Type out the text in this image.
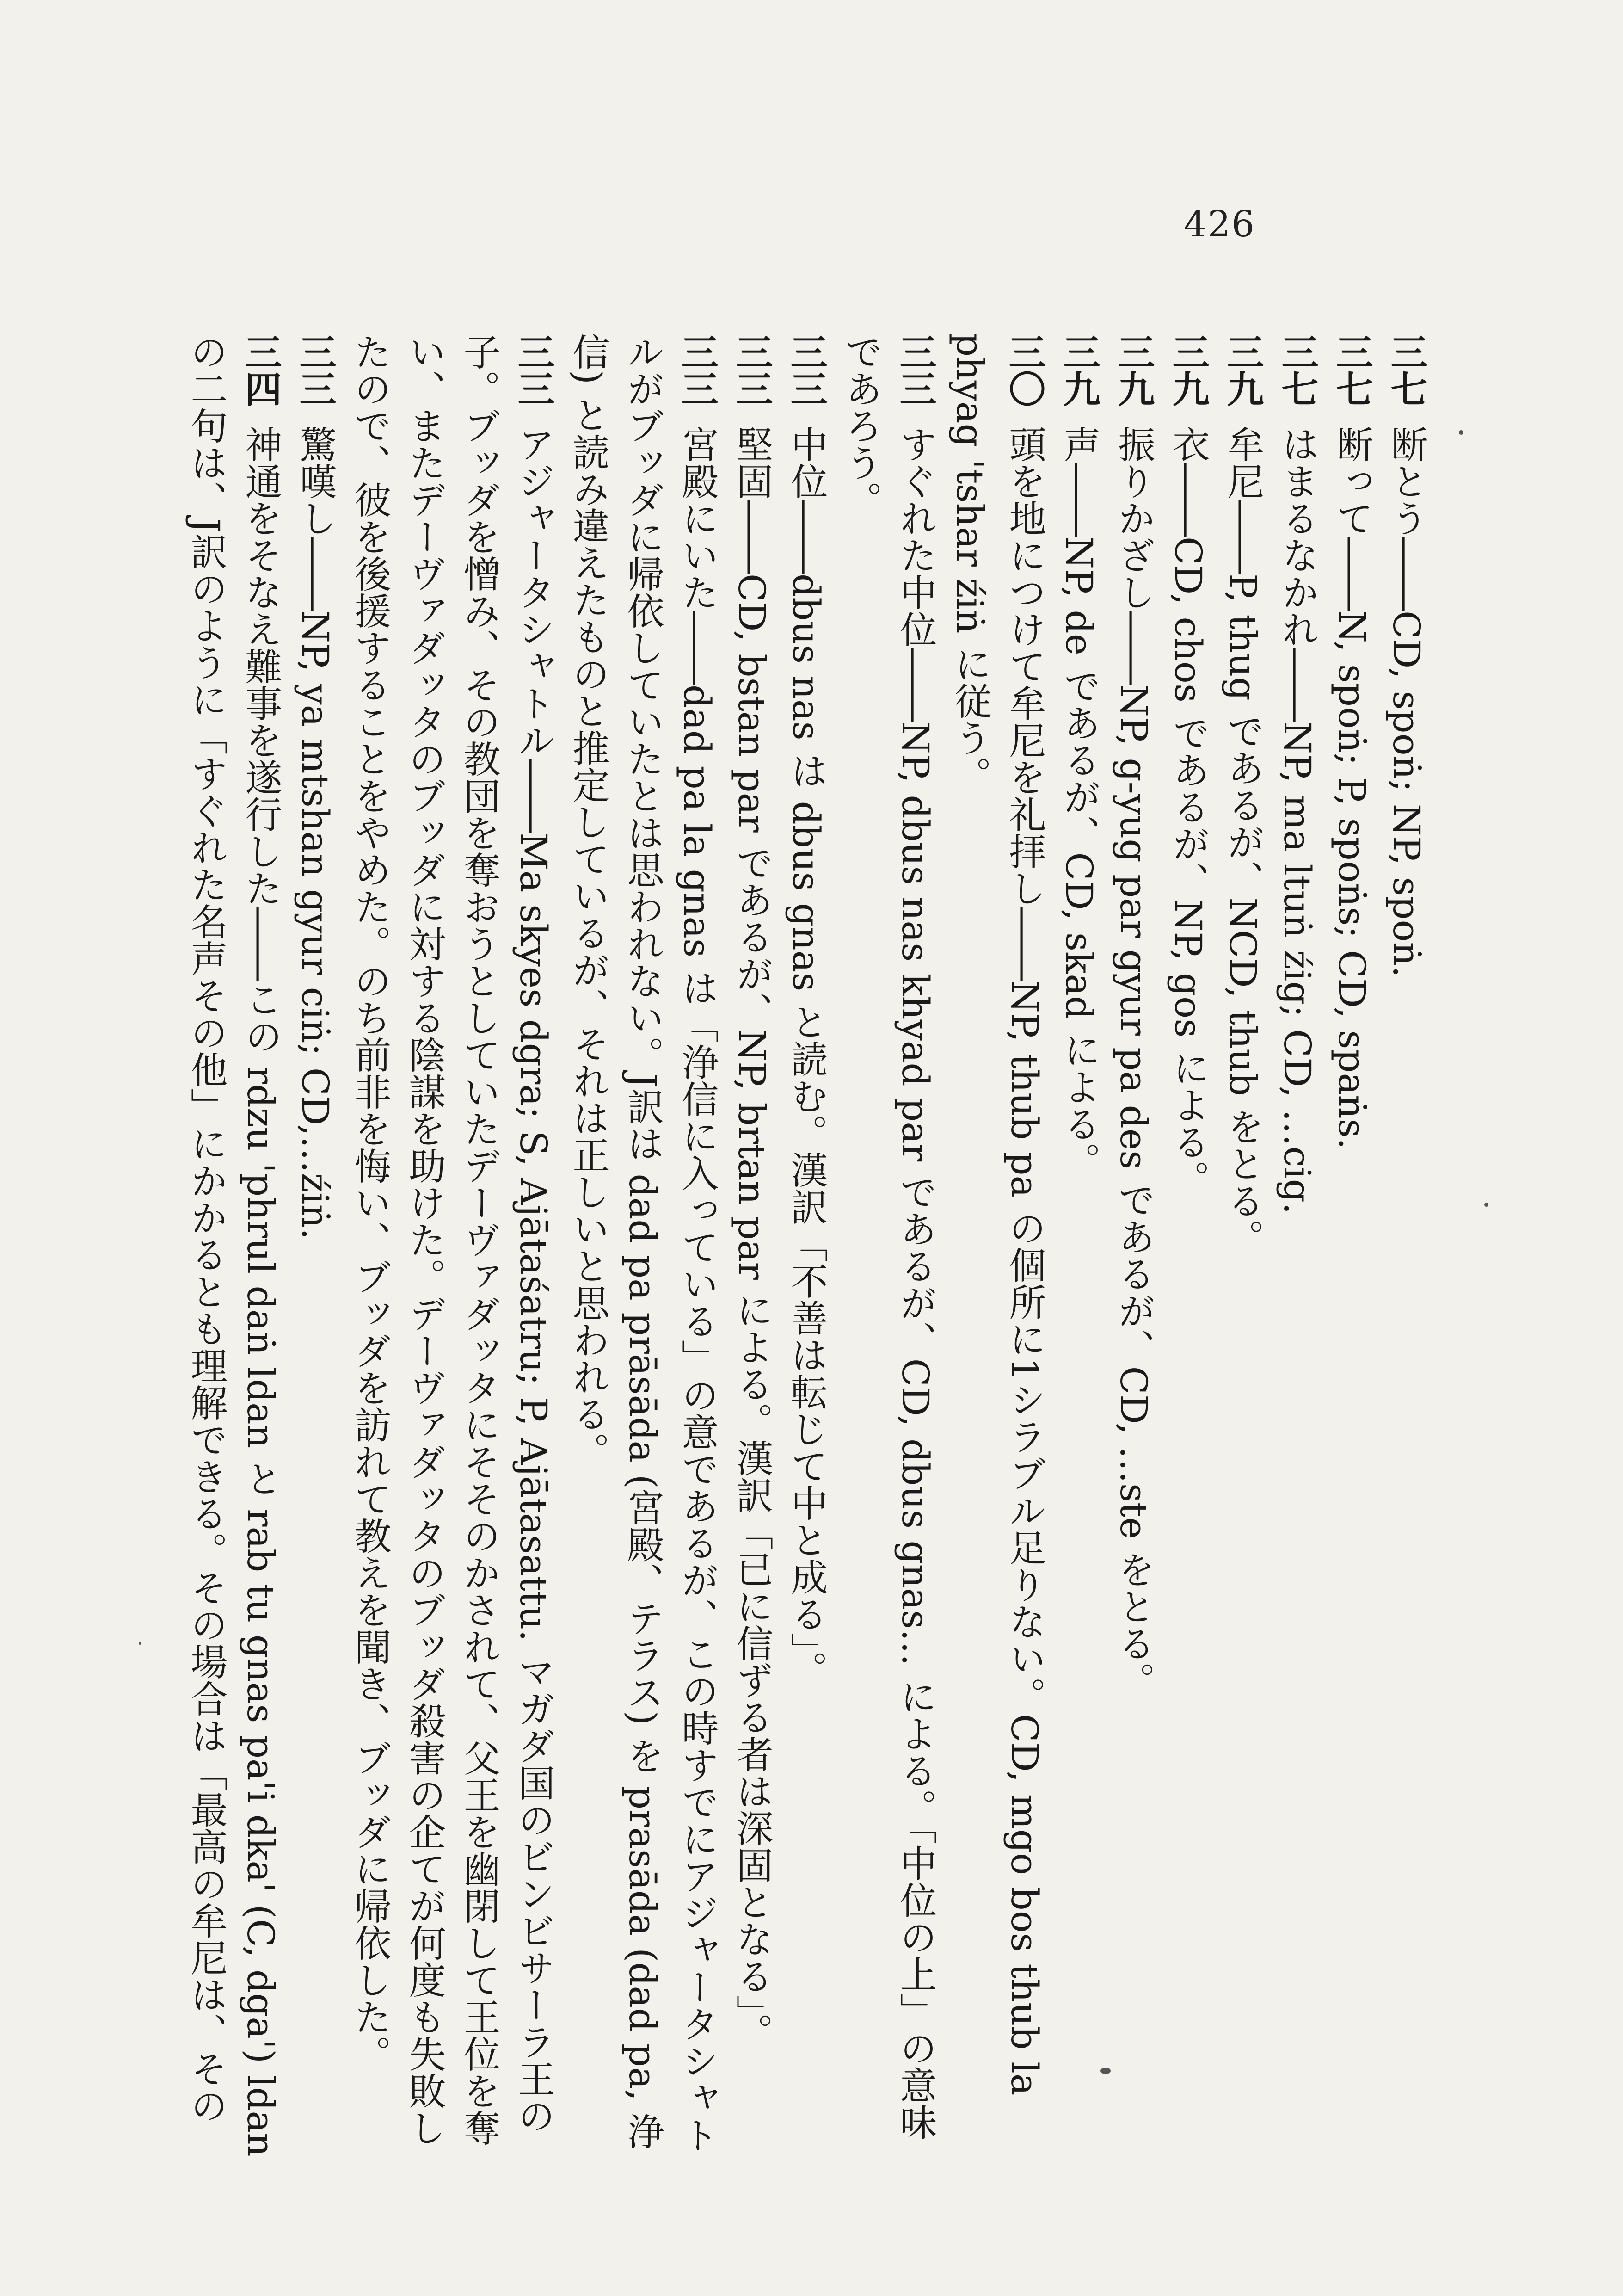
426

三七断とう――CD, spoṅ; NP, spoṅ.

三七断って――N, spoṅ; P, spoṅs; CD, spaṅs.

三七はまるなかれ――NP, ma ltuṅ źig; CD, …cig.

三九牟尼――P, thug であるが、NCD, thub をとる。

三九衣――CD, chos であるが、NP, gos による。

三九振りかざし――NP, g-yug par gyur pa des であるが、CD, …ste をとる。

三九声――NP, de であるが、CD, skad による。

三〇頭を地につけて牟尼を礼拝し――NP, thub pa の個所に1シラブル足りない。CD, mgo bos thub la phyag 'tshar źiṅ に従う。

三三すぐれた中位――NP, dbus nas khyad par であるが、CD, dbus gnas… による。「中位の上」の意味であろう。

三三中位――dbus nas は dbus gnas と読む。漢訳「不善は転じて中と成る」。

三三堅固――CD, bstan par であるが、NP, brtan par による。漢訳「已に信ずる者は深固となる」。

三三宮殿にいた――dad pa la gnas は「浄信に入っている」の意であるが、この時すでにアジャータシャトルがブッダに帰依していたとは思われない。J訳は dad pa prāsāda (宮殿、テラス) を prasāda (dad pa, 浄信) と読み違えたものと推定しているが、それは正しいと思われる。

三三アジャータシャトル――Ma skyes dgra; S, Ajātaśatru; P, Ajātasattu. マガダ国のビンビサーラ王の子。ブッダを憎み、その教団を奪おうとしていたデーヴァダッタにそそのかされて、父王を幽閉して王位を奪い、またデーヴァダッタのブッダに対する陰謀を助けた。デーヴァダッタのブッダ殺害の企てが何度も失敗したので、彼を後援することをやめた。のち前非を悔い、ブッダを訪れて教えを聞き、ブッダに帰依した。

三三驚嘆し――NP, ya mtshan gyur ciṅ; CD,…źiṅ.

三四神通をそなえ難事を遂行した――この rdzu 'phrul daṅ ldan と rab tu gnas pa'i dka' (C, dga') ldan の二句は、J訳のように「すぐれた名声その他」にかかるとも理解できる。その場合は「最高の牟尼は、その
